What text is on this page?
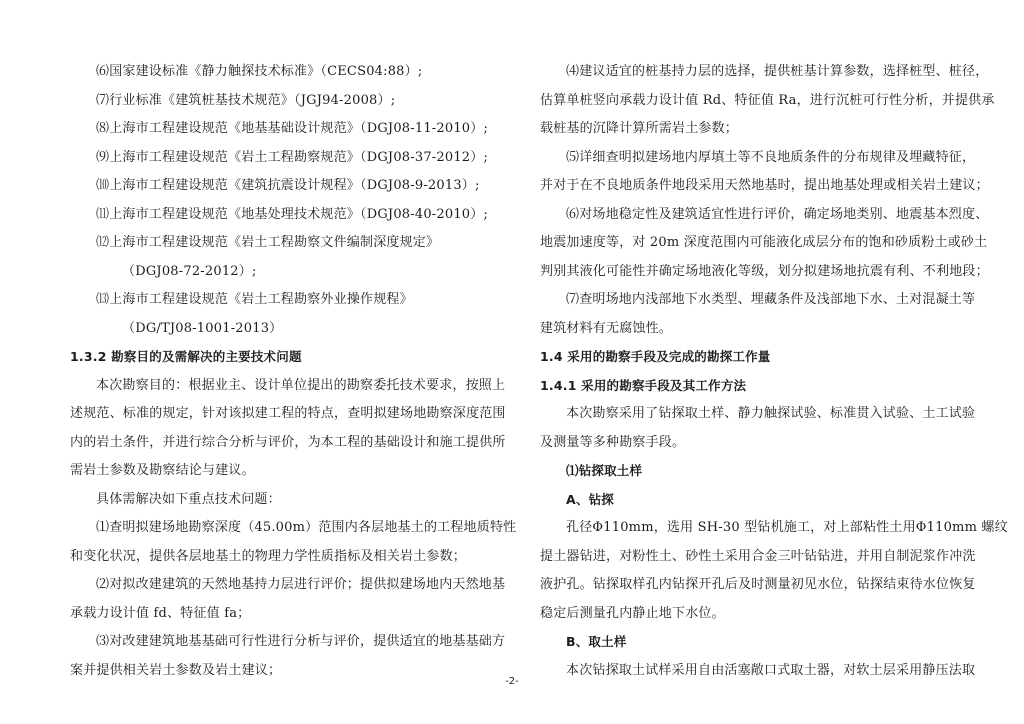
⑹国家建设标准《静力触探技术标准》（CECS04:88）;
⑺行业标准《建筑桩基技术规范》（JGJ94-2008）;
⑻上海市工程建设规范《地基基础设计规范》（DGJ08-11-2010）;
⑼上海市工程建设规范《岩土工程勘察规范》（DGJ08-37-2012）;
⑽上海市工程建设规范《建筑抗震设计规程》（DGJ08-9-2013）;
⑾上海市工程建设规范《地基处理技术规范》（DGJ08-40-2010）;
⑿上海市工程建设规范《岩土工程勘察文件编制深度规定》
（DGJ08-72-2012）;
⒀上海市工程建设规范《岩土工程勘察外业操作规程》
（DG/TJ08-1001-2013）
1.3.2 勘察目的及需解决的主要技术问题
本次勘察目的：根据业主、设计单位提出的勘察委托技术要求，按照上
述规范、标准的规定，针对该拟建工程的特点，查明拟建场地勘察深度范围
内的岩土条件，并进行综合分析与评价，为本工程的基础设计和施工提供所
需岩土参数及勘察结论与建议。
具体需解决如下重点技术问题：
⑴查明拟建场地勘察深度（45.00m）范围内各层地基土的工程地质特性
和变化状况，提供各层地基土的物理力学性质指标及相关岩土参数；
⑵对拟改建建筑的天然地基持力层进行评价；提供拟建场地内天然地基
承载力设计值 fd、特征值 fa；
⑶对改建建筑地基基础可行性进行分析与评价，提供适宜的地基基础方
案并提供相关岩土参数及岩土建议；
⑷建议适宜的桩基持力层的选择，提供桩基计算参数，选择桩型、桩径，
估算单桩竖向承载力设计值 Rd、特征值 Ra，进行沉桩可行性分析，并提供承
载桩基的沉降计算所需岩土参数；
⑸详细查明拟建场地内厚填土等不良地质条件的分布规律及埋藏特征，
并对于在不良地质条件地段采用天然地基时，提出地基处理或相关岩土建议；
⑹对场地稳定性及建筑适宜性进行评价，确定场地类别、地震基本烈度、
地震加速度等，对 20m 深度范围内可能液化成层分布的饱和砂质粉土或砂土
判别其液化可能性并确定场地液化等级，划分拟建场地抗震有利、不利地段；
⑺查明场地内浅部地下水类型、埋藏条件及浅部地下水、土对混凝土等
建筑材料有无腐蚀性。
1.4 采用的勘察手段及完成的勘探工作量
1.4.1 采用的勘察手段及其工作方法
本次勘察采用了钻探取土样、静力触探试验、标准贯入试验、土工试验
及测量等多种勘察手段。
⑴钻探取土样
A、钻探
孔径Φ110mm，选用 SH-30 型钻机施工，对上部粘性土用Φ110mm 螺纹
提土器钻进，对粉性土、砂性土采用合金三叶钻钻进，并用自制泥浆作冲洗
液护孔。钻探取样孔内钻探开孔后及时测量初见水位，钻探结束待水位恢复
稳定后测量孔内静止地下水位。
B、取土样
本次钻探取土试样采用自由活塞敞口式取土器，对软土层采用静压法取
-2-
